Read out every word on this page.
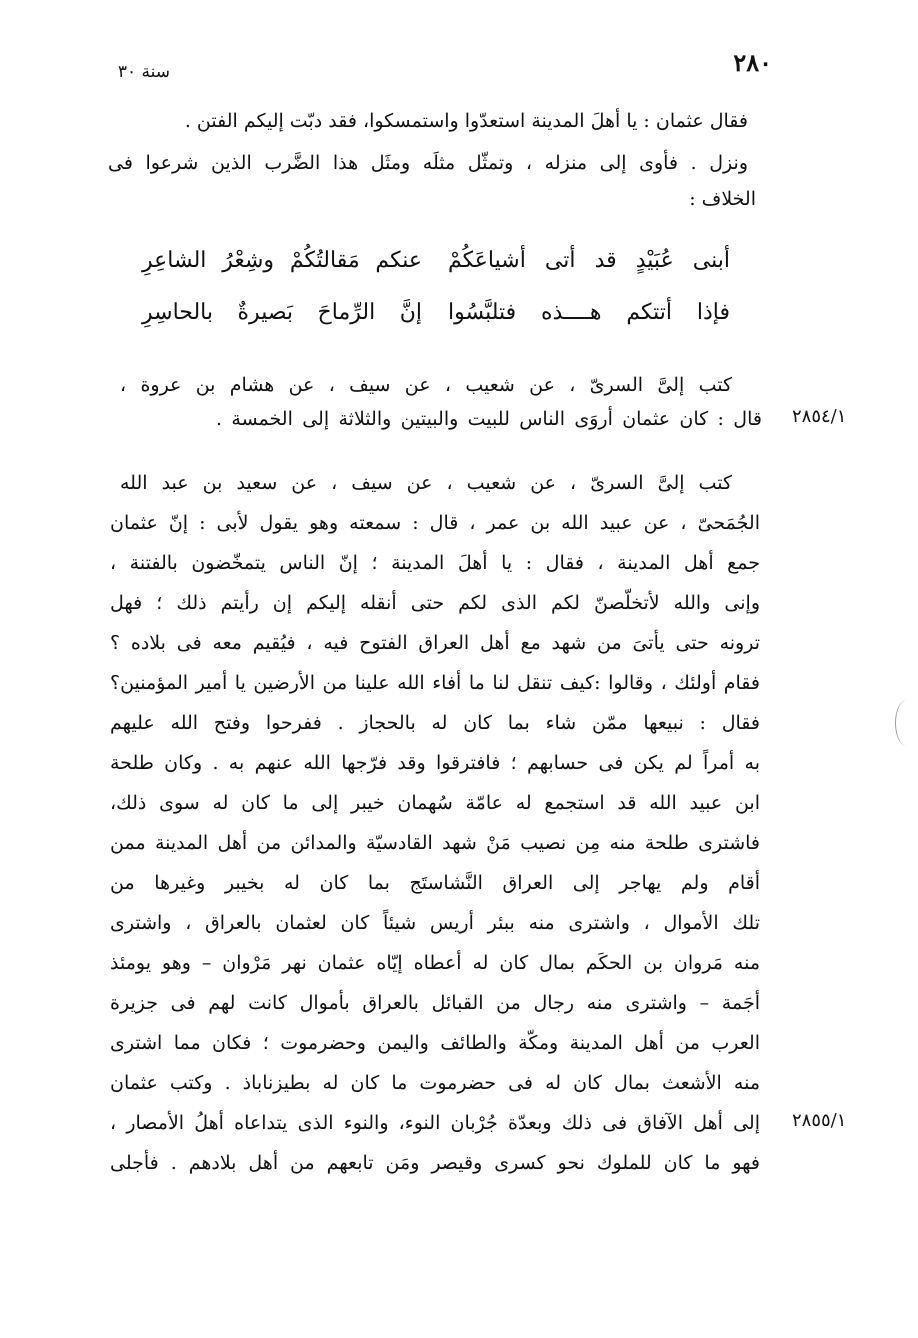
٢٨٠
سنة ٣٠
فقال عثمان : يا أهلَ المدينة استعدّوا واستمسكوا، فقد دبّت إليكم الفتن .
ونزل . فأوى إلى منزله ، وتمثّل مثلَه ومثَل هذا الضَّرب الذين شرعوا فى
الخلاف :
أبنى عُبَيْدٍ قد أتى أشياعَكُمْ
عنكم مَقالتُكُمْ وشِعْرُ الشاعِرِ
فإذا أتتكم هــــذه فتلبَّسُوا
إنَّ الرِّماحَ بَصيرةٌ بالحاسِرِ
كتب إلىَّ السرىّ ، عن شعيب ، عن سيف ، عن هشام بن عروة ،
قال : كان عثمان أروَى الناس للبيت والبيتين والثلاثة إلى الخمسة . ٢٨٥٤/١
كتب إلىَّ السرىّ ، عن شعيب ، عن سيف ، عن سعيد بن عبد الله
الجُمَحىّ ، عن عبيد الله بن عمر ، قال : سمعته وهو يقول لأبى : إنّ عثمان
جمع أهل المدينة ، فقال : يا أهلَ المدينة ؛ إنّ الناس يتمخّضون بالفتنة ،
وإنى والله لأتخلّصنّ لكم الذى لكم حتى أنقله إليكم إن رأيتم ذلك ؛ فهل
ترونه حتى يأتىَ من شهد مع أهل العراق الفتوح فيه ، فيُقيم معه فى بلاده ؟
فقام أولئك ، وقالوا :كيف تنقل لنا ما أفاء الله علينا من الأرضين يا أمير المؤمنين؟
فقال : نبيعها ممّن شاء بما كان له بالحجاز . ففرحوا وفتح الله عليهم
به أمراً لم يكن فى حسابهم ؛ فافترقوا وقد فرّجها الله عنهم به . وكان طلحة
ابن عبيد الله قد استجمع له عامّة سُهمان خيبر إلى ما كان له سوى ذلك،
فاشترى طلحة منه مِن نصيب مَنْ شهد القادسيّة والمدائن من أهل المدينة ممن
أقام ولم يهاجر إلى العراق النَّشاستَج بما كان له بخيبر وغيرها من
تلك الأموال ، واشترى منه ببئر أريس شيئاً كان لعثمان بالعراق ، واشترى
منه مَروان بن الحكَم بمال كان له أعطاه إيّاه عثمان نهر مَرْوان – وهو يومئذ
أجَمة – واشترى منه رجال من القبائل بالعراق بأموال كانت لهم فى جزيرة
العرب من أهل المدينة ومكّة والطائف واليمن وحضرموت ؛ فكان مما اشترى
منه الأشعث بمال كان له فى حضرموت ما كان له بطيزناباذ . وكتب عثمان
إلى أهل الآفاق فى ذلك وبعدّة جُرْبان النوء، والنوء الذى يتداعاه أهلُ الأمصار ،
فهو ما كان للملوك نحو كسرى وقيصر ومَن تابعهم من أهل بلادهم . فأجلى
٢٨٥٥/١
